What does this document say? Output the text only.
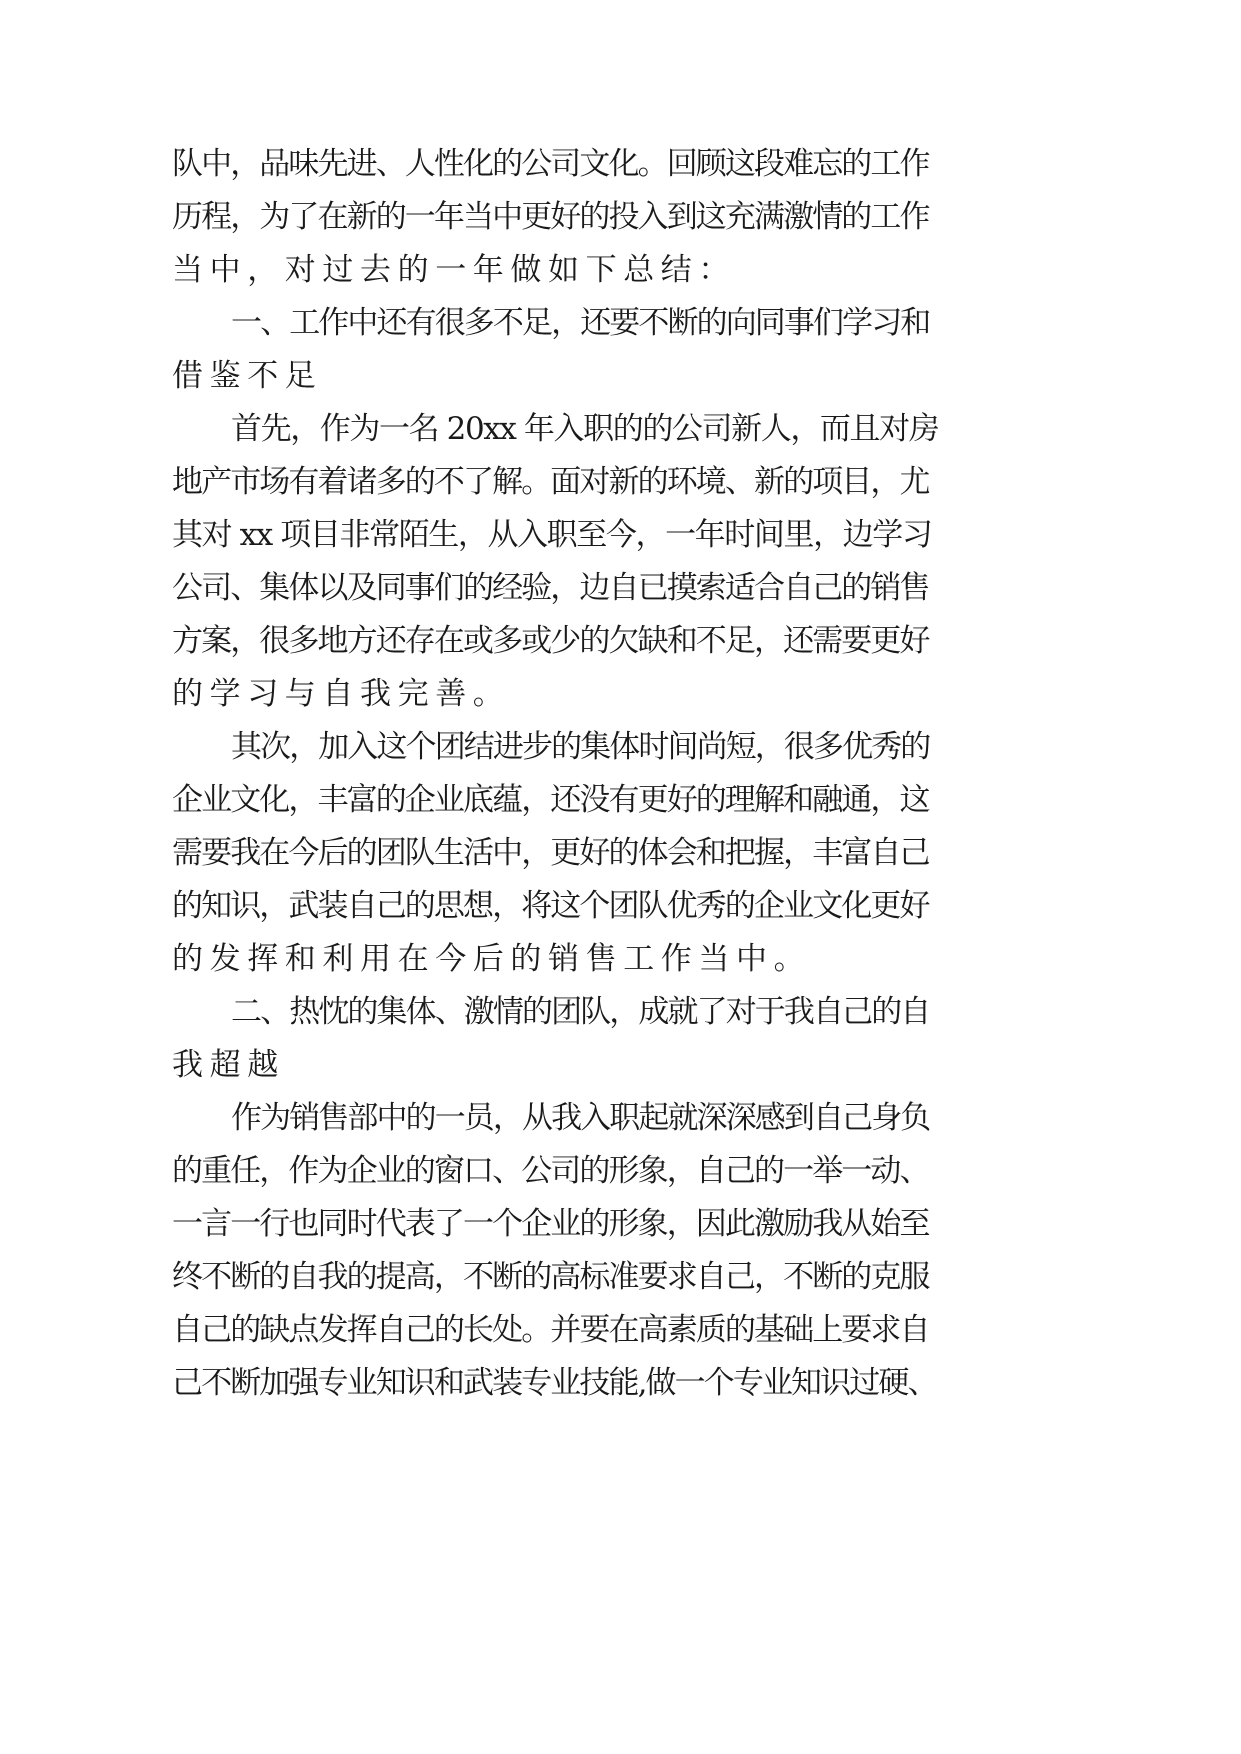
队中，品味先进、人性化的公司文化。回顾这段难忘的工作
历程，为了在新的一年当中更好的投入到这充满激情的工作
当中，对过去的一年做如下总结：
一、工作中还有很多不足，还要不断的向同事们学习和
借鉴不足
首先，作为一名 20xx 年入职的的公司新人，而且对房
地产市场有着诸多的不了解。面对新的环境、新的项目，尤
其对 xx 项目非常陌生，从入职至今，一年时间里，边学习
公司、集体以及同事们的经验，边自已摸索适合自己的销售
方案，很多地方还存在或多或少的欠缺和不足，还需要更好
的学习与自我完善。
其次，加入这个团结进步的集体时间尚短，很多优秀的
企业文化，丰富的企业底蕴，还没有更好的理解和融通，这
需要我在今后的团队生活中，更好的体会和把握，丰富自己
的知识，武装自己的思想，将这个团队优秀的企业文化更好
的发挥和利用在今后的销售工作当中。
二、热忱的集体、激情的团队，成就了对于我自己的自
我超越
作为销售部中的一员，从我入职起就深深感到自己身负
的重任，作为企业的窗口、公司的形象，自己的一举一动、
一言一行也同时代表了一个企业的形象，因此激励我从始至
终不断的自我的提高，不断的高标准要求自己，不断的克服
自己的缺点发挥自己的长处。并要在高素质的基础上要求自
己不断加强专业知识和武装专业技能,做一个专业知识过硬、
